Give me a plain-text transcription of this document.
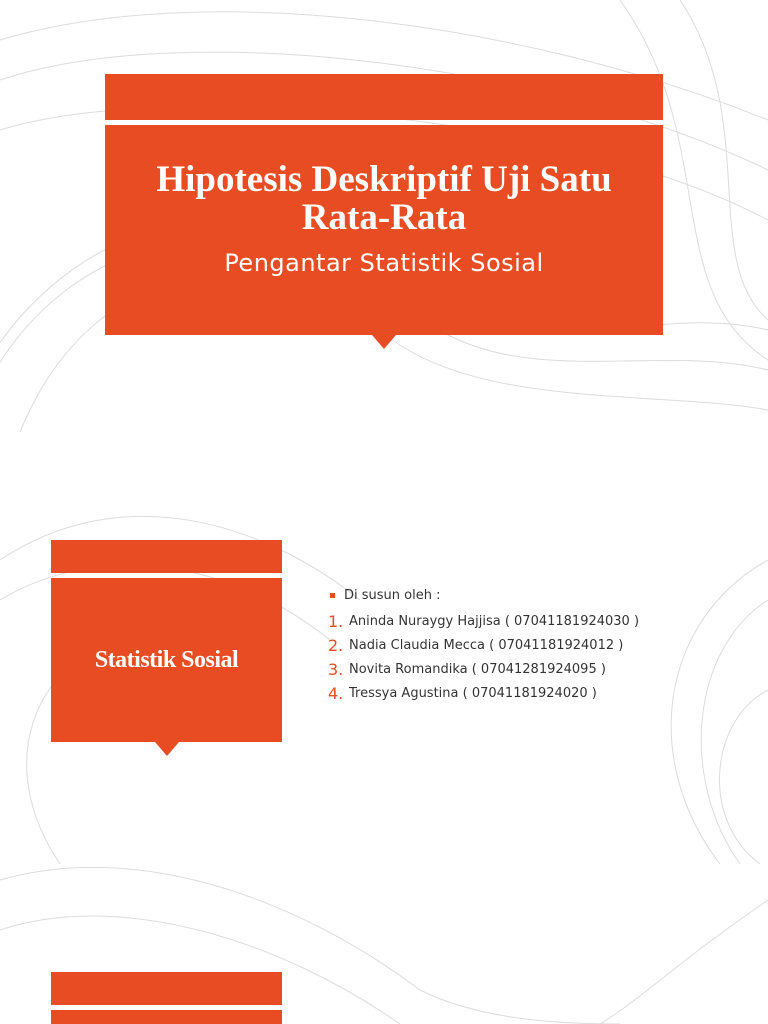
Hipotesis Deskriptif Uji Satu Rata-Rata
Pengantar Statistik Sosial
Statistik Sosial
Di susun oleh :
1. Aninda Nuraygy Hajjisa ( 07041181924030 )
2. Nadia Claudia Mecca ( 07041181924012 )
3. Novita Romandika ( 07041281924095 )
4. Tressya Agustina ( 07041181924020 )
